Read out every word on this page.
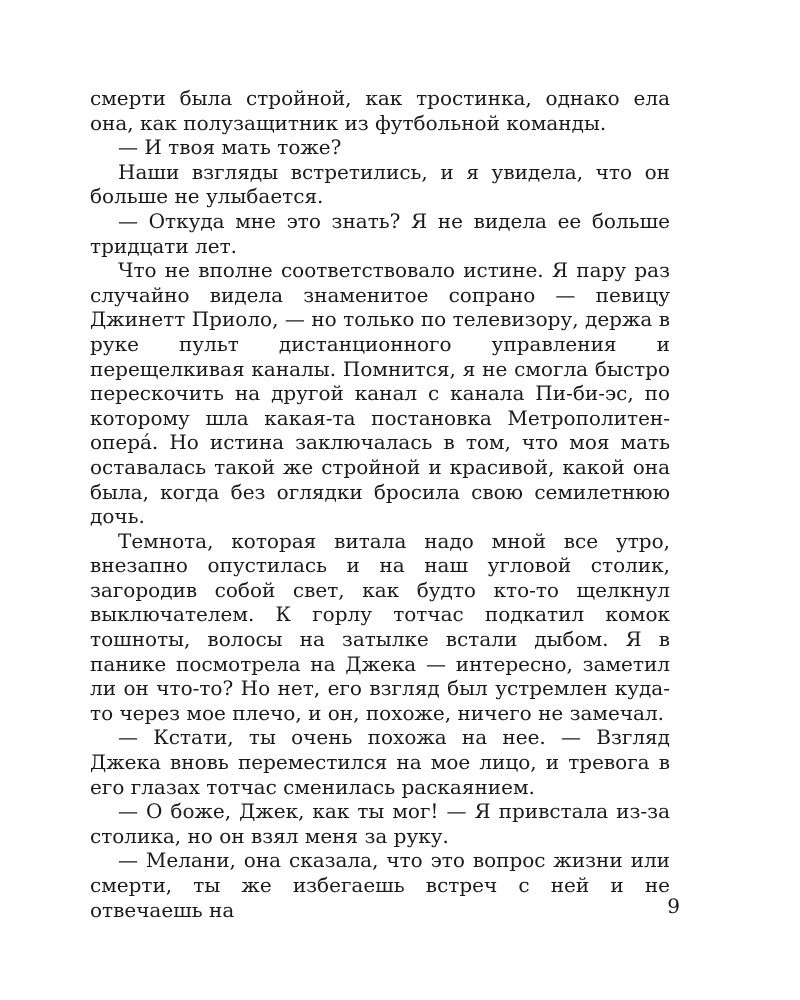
смерти была стройной, как тростинка, однако ела она, как полузащитник из футбольной команды.

— И твоя мать тоже?

Наши взгляды встретились, и я увидела, что он больше не улыбается.

— Откуда мне это знать? Я не видела ее больше тридцати лет.

Что не вполне соответствовало истине. Я пару раз случайно видела знаменитое сопрано — певицу Джинетт Приоло, — но только по телевизору, держа в руке пульт дистанционного управления и перещелкивая каналы. Помнится, я не смогла быстро перескочить на другой канал с канала Пи-би-эс, по которому шла какая-та постановка Метрополитен-оперá. Но истина заключалась в том, что моя мать оставалась такой же стройной и красивой, какой она была, когда без оглядки бросила свою семилетнюю дочь.

Темнота, которая витала надо мной все утро, внезапно опустилась и на наш угловой столик, загородив собой свет, как будто кто-то щелкнул выключателем. К горлу тотчас подкатил комок тошноты, волосы на затылке встали дыбом. Я в панике посмотрела на Джека — интересно, заметил ли он что-то? Но нет, его взгляд был устремлен куда-то через мое плечо, и он, похоже, ничего не замечал.

— Кстати, ты очень похожа на нее. — Взгляд Джека вновь переместился на мое лицо, и тревога в его глазах тотчас сменилась раскаянием.

— О боже, Джек, как ты мог! — Я привстала из-за столика, но он взял меня за руку.

— Мелани, она сказала, что это вопрос жизни или смерти, ты же избегаешь встреч с ней и не отвечаешь на	9
